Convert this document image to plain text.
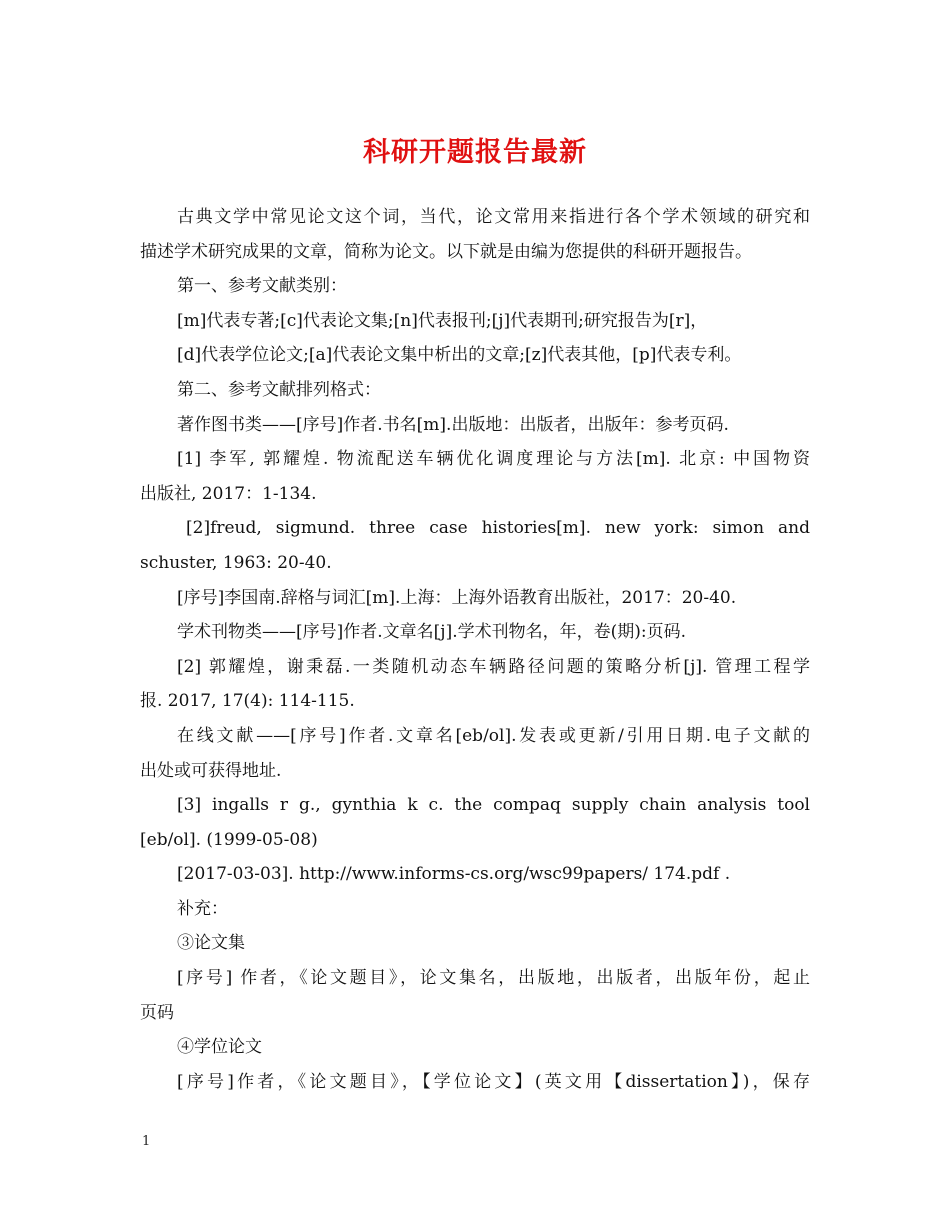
科研开题报告最新
古典文学中常见论文这个词，当代，论文常用来指进行各个学术领域的研究和
描述学术研究成果的文章，简称为论文。以下就是由编为您提供的科研开题报告。
第一、参考文献类别：
[m]代表专著;[c]代表论文集;[n]代表报刊;[j]代表期刊;研究报告为[r]，
[d]代表学位论文;[a]代表论文集中析出的文章;[z]代表其他，[p]代表专利。
第二、参考文献排列格式：
著作图书类——[序号]作者.书名[m].出版地：出版者，出版年：参考页码.
[1] 李军, 郭耀煌. 物流配送车辆优化调度理论与方法[m]. 北京: 中国物资
出版社, 2017：1-134.
[2]freud, sigmund. three case histories[m]. new york: simon and
schuster, 1963: 20-40.
[序号]李国南.辞格与词汇[m].上海：上海外语教育出版社，2017：20-40.
学术刊物类——[序号]作者.文章名[j].学术刊物名，年，卷(期):页码.
[2] 郭耀煌，谢秉磊.一类随机动态车辆路径问题的策略分析[j]. 管理工程学
报. 2017, 17(4): 114-115.
在线文献——[序号]作者.文章名[eb/ol].发表或更新/引用日期.电子文献的
出处或可获得地址.
[3] ingalls r g., gynthia k c. the compaq supply chain analysis tool
[eb/ol]. (1999-05-08)
[2017-03-03]. http://www.informs-cs.org/wsc99papers/ 174.pdf .
补充：
③论文集
[序号] 作者，《论文题目》，论文集名，出版地，出版者，出版年份，起止
页码
④学位论文
[序号]作者，《论文题目》，【学位论文】(英文用【dissertation】)，保存
1
